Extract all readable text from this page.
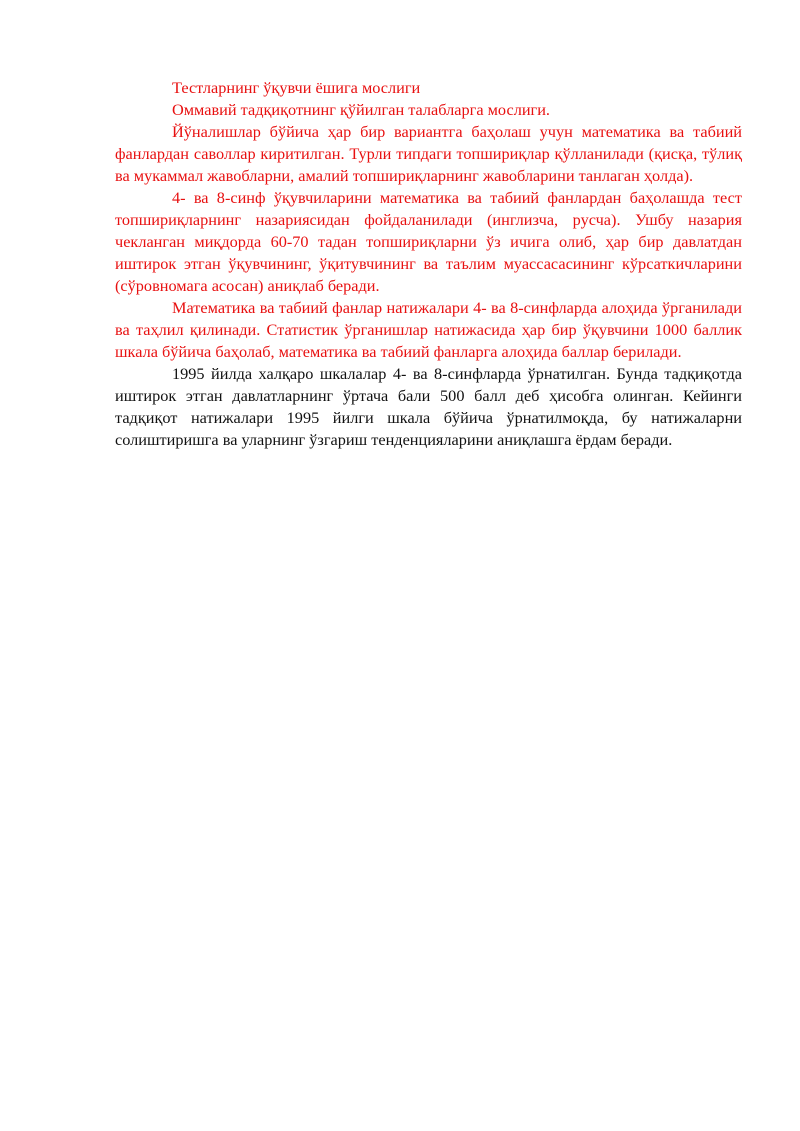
Тестларнинг ўқувчи ёшига мослиги

Оммавий тадқиқотнинг қўйилган талабларга мослиги.

Йўналишлар бўйича ҳар бир вариантга баҳолаш учун математика ва табиий фанлардан саволлар киритилган. Турли типдаги топшириқлар қўлланилади (қисқа, тўлиқ ва мукаммал жавобларни, амалий топшириқларнинг жавобларини танлаган ҳолда).

4- ва 8-синф ўқувчиларини математика ва табиий фанлардан баҳолашда тест топшириқларнинг назариясидан фойдаланилади (инглизча, русча). Ушбу назария чекланган миқдорда 60-70 тадан топшириқларни ўз ичига олиб, ҳар бир давлатдан иштирок этган ўқувчининг, ўқитувчининг ва таълим муассасасининг кўрсаткичларини (сўровномага асосан) аниқлаб беради.

Математика ва табиий фанлар натижалари 4- ва 8-синфларда алоҳида ўрганилади ва таҳлил қилинади. Статистик ўрганишлар натижасида ҳар бир ўқувчини 1000 баллик шкала бўйича баҳолаб, математика ва табиий фанларга алоҳида баллар берилади.

1995 йилда халқаро шкалалар 4- ва 8-синфларда ўрнатилган. Бунда тадқиқотда иштирок этган давлатларнинг ўртача бали 500 балл деб ҳисобга олинган. Кейинги тадқиқот натижалари 1995 йилги шкала бўйича ўрнатилмоқда, бу натижаларни солиштиришга ва уларнинг ўзгариш тенденцияларини аниқлашга ёрдам беради.
